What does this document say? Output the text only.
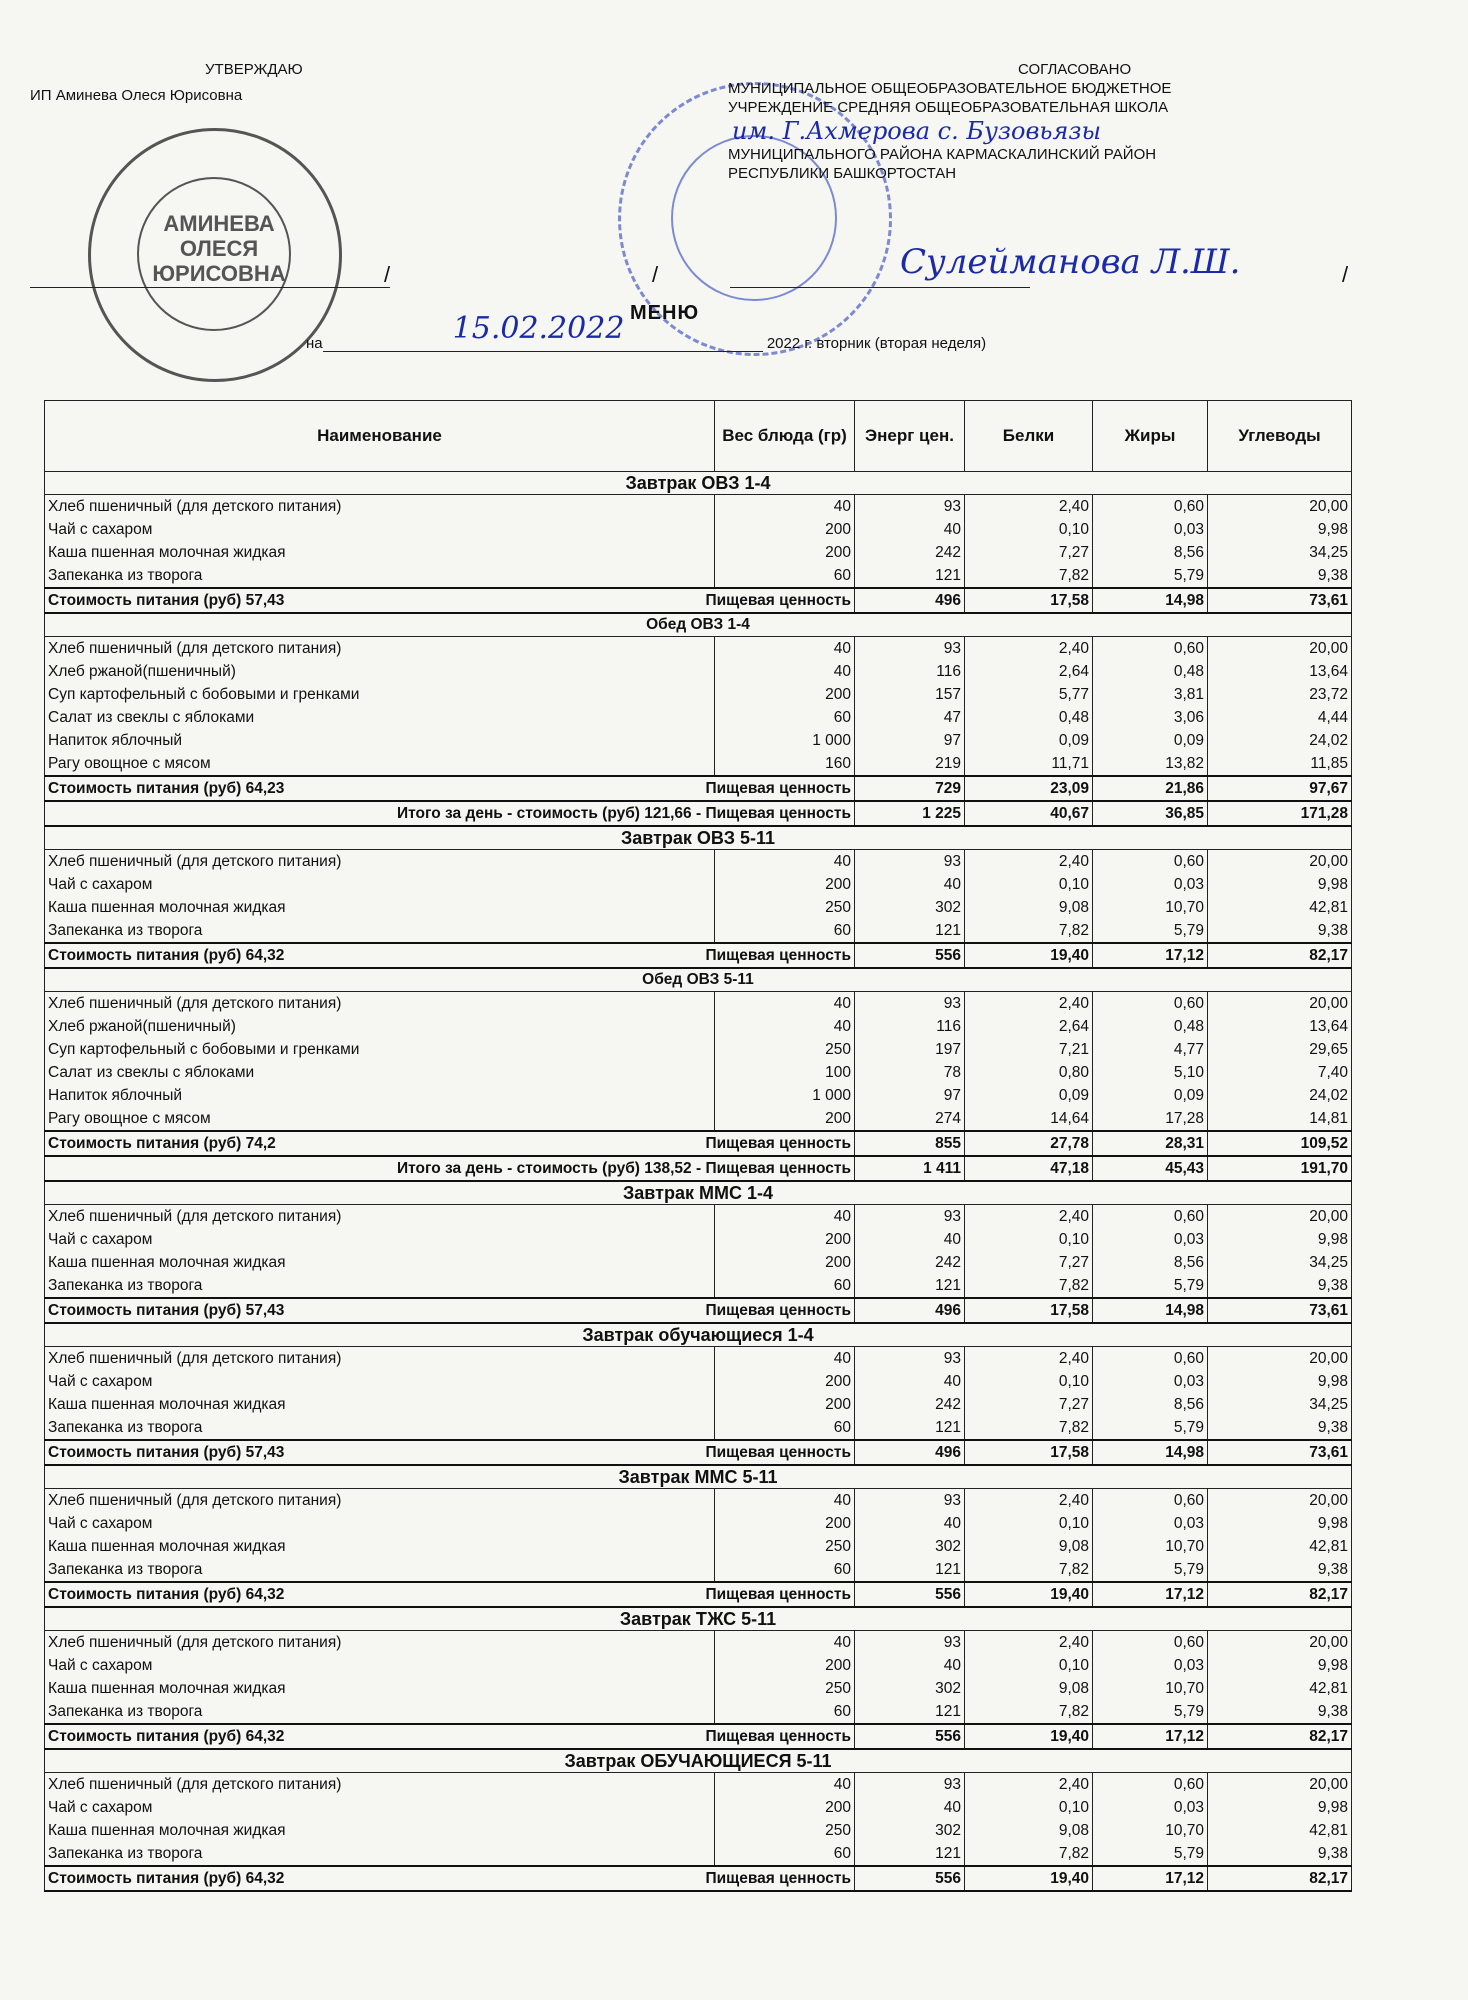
УТВЕРЖДАЮ
ИП Аминева Олеся Юрисовна
АМИНЕВА ОЛЕСЯ ЮРИСОВНА
СОГЛАСОВАНО
МУНИЦИПАЛЬНОЕ ОБЩЕОБРАЗОВАТЕЛЬНОЕ БЮДЖЕТНОЕ
УЧРЕЖДЕНИЕ СРЕДНЯЯ ОБЩЕОБРАЗОВАТЕЛЬНАЯ ШКОЛА
им. Г.Ахмерова с. Бузовьязы
МУНИЦИПАЛЬНОГО РАЙОНА КАРМАСКАЛИНСКИЙ РАЙОН
РЕСПУБЛИКИ БАШКОРТОСТАН
/	/	Сулейманова Л.Ш.	/
МЕНЮ
на	15.02.2022	2022 г. вторник (вторая неделя)
Наименование	Вес блюда (гр)	Энерг цен.	Белки	Жиры	Углеводы
Завтрак ОВЗ 1-4					
Хлеб пшеничный (для детского питания)	40	93	2,40	0,60	20,00
Чай с сахаром	200	40	0,10	0,03	9,98
Каша пшенная молочная жидкая	200	242	7,27	8,56	34,25
Запеканка из творога	60	121	7,82	5,79	9,38
Стоимость питания (руб) 57,43 Пищевая ценность		496	17,58	14,98	73,61
Обед ОВЗ 1-4					
Хлеб пшеничный (для детского питания)	40	93	2,40	0,60	20,00
Хлеб ржаной(пшеничный)	40	116	2,64	0,48	13,64
Суп картофельный с бобовыми и гренками	200	157	5,77	3,81	23,72
Салат из свеклы с яблоками	60	47	0,48	3,06	4,44
Напиток яблочный	1 000	97	0,09	0,09	24,02
Рагу овощное с мясом	160	219	11,71	13,82	11,85
Стоимость питания (руб) 64,23 Пищевая ценность		729	23,09	21,86	97,67
Итого за день - стоимость (руб) 121,66 - Пищевая ценность		1 225	40,67	36,85	171,28
Завтрак ОВЗ 5-11					
Хлеб пшеничный (для детского питания)	40	93	2,40	0,60	20,00
Чай с сахаром	200	40	0,10	0,03	9,98
Каша пшенная молочная жидкая	250	302	9,08	10,70	42,81
Запеканка из творога	60	121	7,82	5,79	9,38
Стоимость питания (руб) 64,32 Пищевая ценность		556	19,40	17,12	82,17
Обед ОВЗ 5-11					
Хлеб пшеничный (для детского питания)	40	93	2,40	0,60	20,00
Хлеб ржаной(пшеничный)	40	116	2,64	0,48	13,64
Суп картофельный с бобовыми и гренками	250	197	7,21	4,77	29,65
Салат из свеклы с яблоками	100	78	0,80	5,10	7,40
Напиток яблочный	1 000	97	0,09	0,09	24,02
Рагу овощное с мясом	200	274	14,64	17,28	14,81
Стоимость питания (руб) 74,2 Пищевая ценность		855	27,78	28,31	109,52
Итого за день - стоимость (руб) 138,52 - Пищевая ценность		1 411	47,18	45,43	191,70
Завтрак ММС 1-4					
Хлеб пшеничный (для детского питания)	40	93	2,40	0,60	20,00
Чай с сахаром	200	40	0,10	0,03	9,98
Каша пшенная молочная жидкая	200	242	7,27	8,56	34,25
Запеканка из творога	60	121	7,82	5,79	9,38
Стоимость питания (руб) 57,43 Пищевая ценность		496	17,58	14,98	73,61
Завтрак обучающиеся 1-4					
Хлеб пшеничный (для детского питания)	40	93	2,40	0,60	20,00
Чай с сахаром	200	40	0,10	0,03	9,98
Каша пшенная молочная жидкая	200	242	7,27	8,56	34,25
Запеканка из творога	60	121	7,82	5,79	9,38
Стоимость питания (руб) 57,43 Пищевая ценность		496	17,58	14,98	73,61
Завтрак ММС 5-11					
Хлеб пшеничный (для детского питания)	40	93	2,40	0,60	20,00
Чай с сахаром	200	40	0,10	0,03	9,98
Каша пшенная молочная жидкая	250	302	9,08	10,70	42,81
Запеканка из творога	60	121	7,82	5,79	9,38
Стоимость питания (руб) 64,32 Пищевая ценность		556	19,40	17,12	82,17
Завтрак ТЖС 5-11					
Хлеб пшеничный (для детского питания)	40	93	2,40	0,60	20,00
Чай с сахаром	200	40	0,10	0,03	9,98
Каша пшенная молочная жидкая	250	302	9,08	10,70	42,81
Запеканка из творога	60	121	7,82	5,79	9,38
Стоимость питания (руб) 64,32 Пищевая ценность		556	19,40	17,12	82,17
Завтрак ОБУЧАЮЩИЕСЯ 5-11					
Хлеб пшеничный (для детского питания)	40	93	2,40	0,60	20,00
Чай с сахаром	200	40	0,10	0,03	9,98
Каша пшенная молочная жидкая	250	302	9,08	10,70	42,81
Запеканка из творога	60	121	7,82	5,79	9,38
Стоимость питания (руб) 64,32 Пищевая ценность		556	19,40	17,12	82,17
